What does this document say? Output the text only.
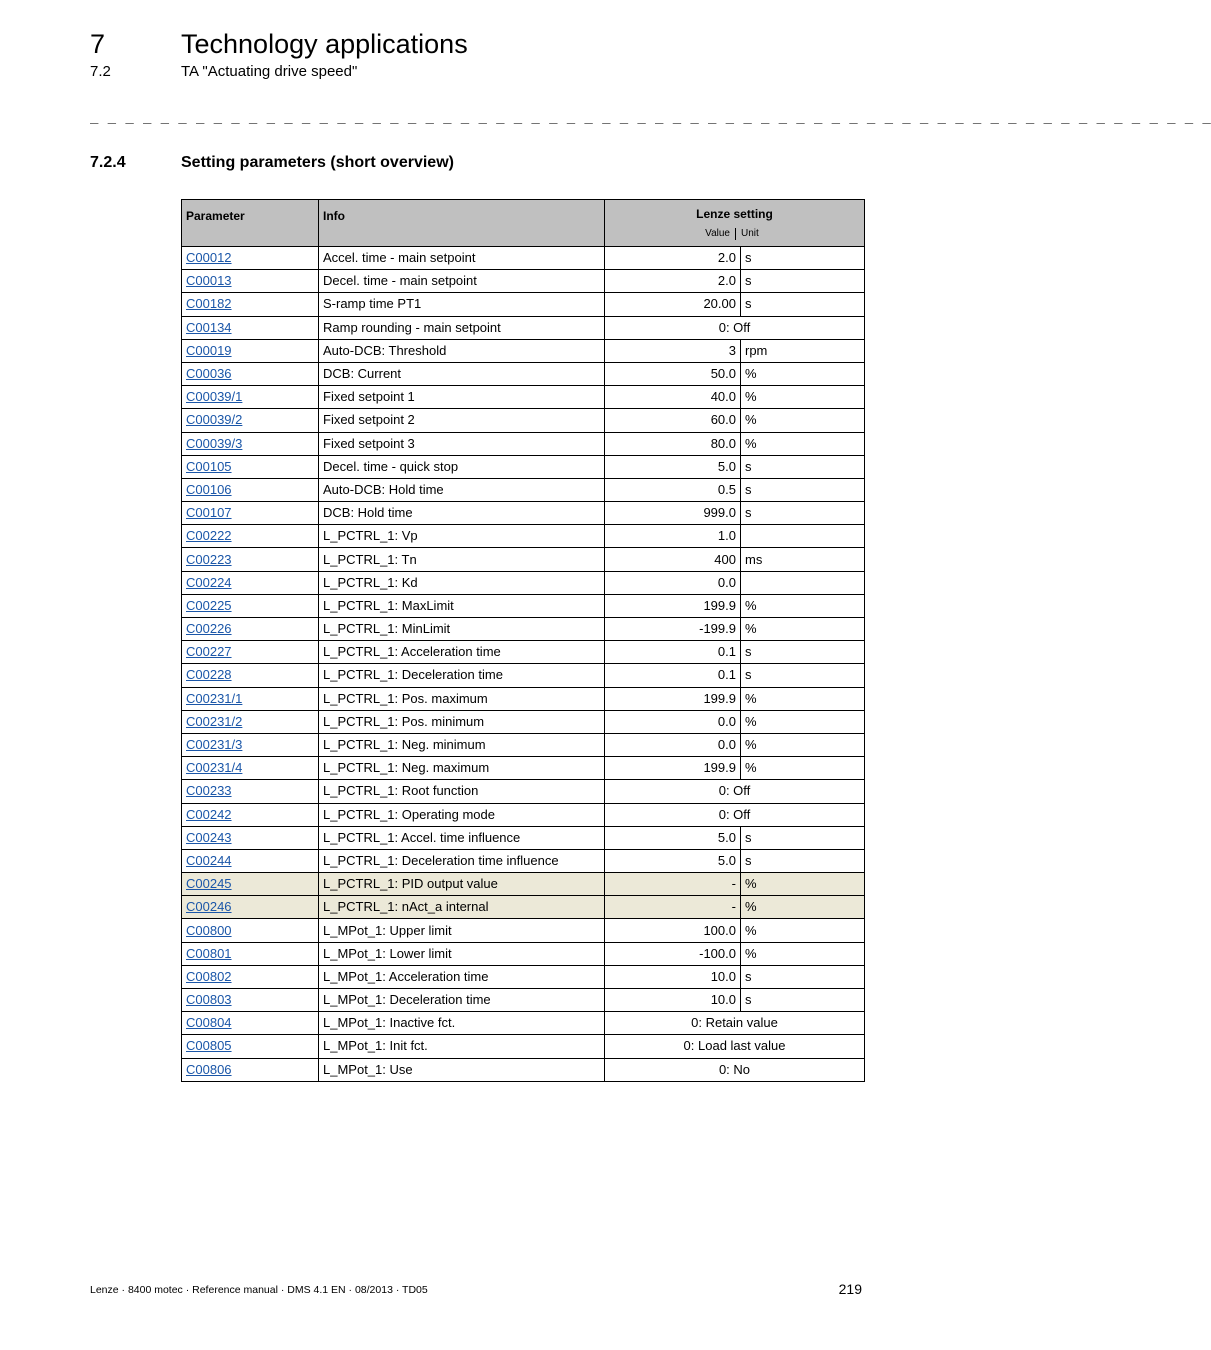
7	Technology applications
7.2	TA "Actuating drive speed"
_ _ _ _ _ _ _ _ _ _ _ _ _ _ _ _ _ _ _ _ _ _ _ _ _ _ _ _ _ _ _ _ _ _ _ _ _ _ _ _ _ _ _ _ _ _ _ _ _ _ _ _ _ _ _ _ _ _ _ _ _ _ _ _
7.2.4	Setting parameters (short overview)
Parameter	Info	Lenze setting
Value Unit	

C00012	Accel. time - main setpoint	2.0	s
C00013	Decel. time - main setpoint	2.0	s
C00182	S-ramp time PT1	20.00	s
C00134	Ramp rounding - main setpoint	0: Off	
C00019	Auto-DCB: Threshold	3	rpm
C00036	DCB: Current	50.0	%
C00039/1	Fixed setpoint 1	40.0	%
C00039/2	Fixed setpoint 2	60.0	%
C00039/3	Fixed setpoint 3	80.0	%
C00105	Decel. time - quick stop	5.0	s
C00106	Auto-DCB: Hold time	0.5	s
C00107	DCB: Hold time	999.0	s
C00222	L_PCTRL_1: Vp	1.0	
C00223	L_PCTRL_1: Tn	400	ms
C00224	L_PCTRL_1: Kd	0.0	
C00225	L_PCTRL_1: MaxLimit	199.9	%
C00226	L_PCTRL_1: MinLimit	-199.9	%
C00227	L_PCTRL_1: Acceleration time	0.1	s
C00228	L_PCTRL_1: Deceleration time	0.1	s
C00231/1	L_PCTRL_1: Pos. maximum	199.9	%
C00231/2	L_PCTRL_1: Pos. minimum	0.0	%
C00231/3	L_PCTRL_1: Neg. minimum	0.0	%
C00231/4	L_PCTRL_1: Neg. maximum	199.9	%
C00233	L_PCTRL_1: Root function	0: Off	
C00242	L_PCTRL_1: Operating mode	0: Off	
C00243	L_PCTRL_1: Accel. time influence	5.0	s
C00244	L_PCTRL_1: Deceleration time influence	5.0	s
C00245	L_PCTRL_1: PID output value	-	%
C00246	L_PCTRL_1: nAct_a internal	-	%
C00800	L_MPot_1: Upper limit	100.0	%
C00801	L_MPot_1: Lower limit	-100.0	%
C00802	L_MPot_1: Acceleration time	10.0	s
C00803	L_MPot_1: Deceleration time	10.0	s
C00804	L_MPot_1: Inactive fct.	0: Retain value	
C00805	L_MPot_1: Init fct.	0: Load last value	
C00806	L_MPot_1: Use	0: No	
Lenze · 8400 motec · Reference manual · DMS 4.1 EN · 08/2013 · TD05	219
